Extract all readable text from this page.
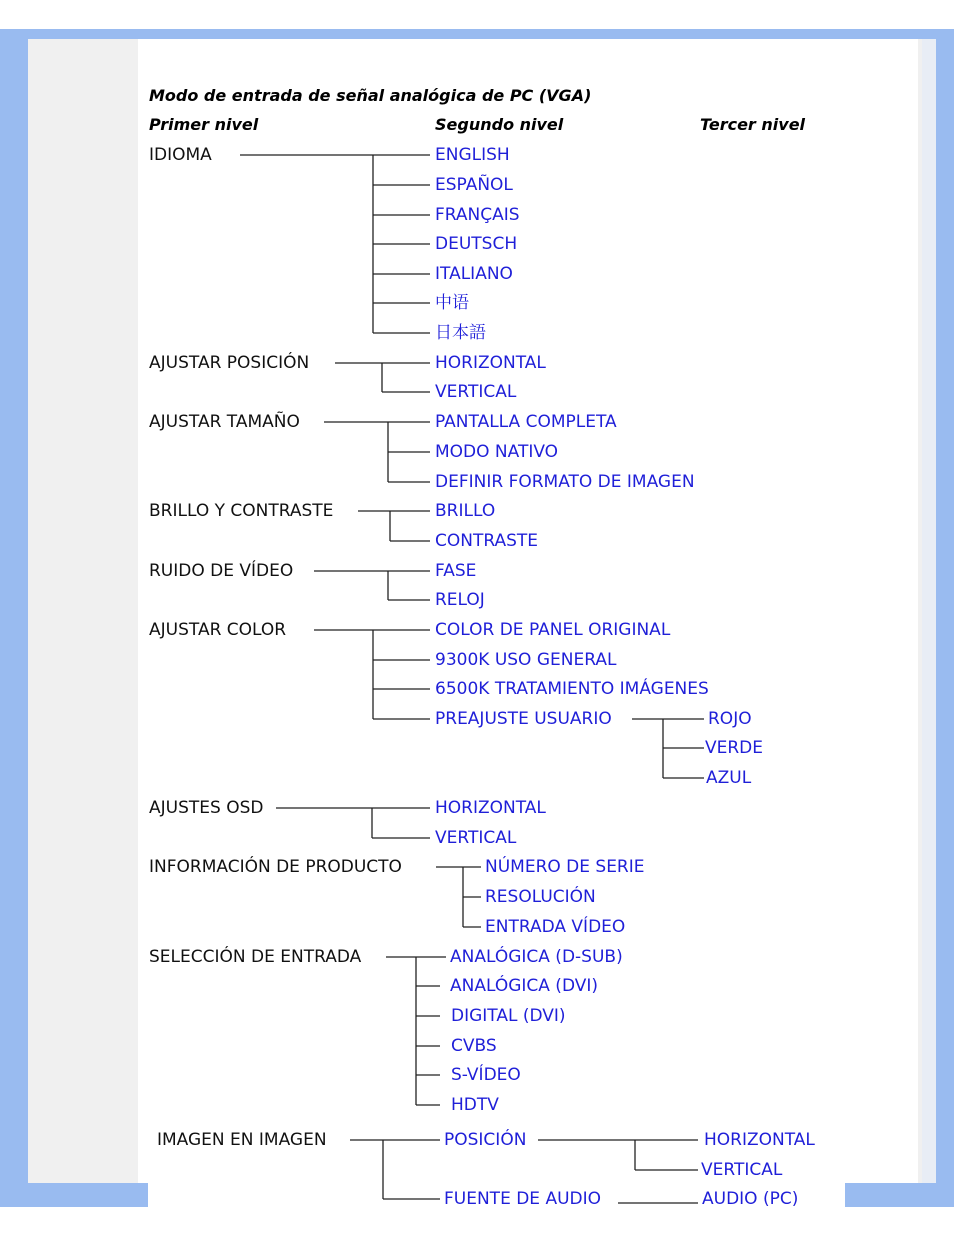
Modo de entrada de señal analógica de PC (VGA)
Primer nivel	Segundo nivel	Tercer nivel
IDIOMA	ENGLISH
ESPAÑOL
FRANÇAIS
DEUTSCH
ITALIANO
中语
日本語
AJUSTAR POSICIÓN	HORIZONTAL
VERTICAL
AJUSTAR TAMAÑO	PANTALLA COMPLETA
MODO NATIVO
DEFINIR FORMATO DE IMAGEN
BRILLO Y CONTRASTE	BRILLO
CONTRASTE
RUIDO DE VÍDEO	FASE
RELOJ
AJUSTAR COLOR	COLOR DE PANEL ORIGINAL
9300K USO GENERAL
6500K TRATAMIENTO IMÁGENES
PREAJUSTE USUARIO	ROJO
VERDE
AZUL
AJUSTES OSD	HORIZONTAL
VERTICAL
INFORMACIÓN DE PRODUCTO	NÚMERO DE SERIE
RESOLUCIÓN
ENTRADA VÍDEO
SELECCIÓN DE ENTRADA	ANALÓGICA (D-SUB)
ANALÓGICA (DVI)
DIGITAL (DVI)
CVBS
S-VÍDEO
HDTV
IMAGEN EN IMAGEN	POSICIÓN	HORIZONTAL
VERTICAL
FUENTE DE AUDIO	AUDIO (PC)
